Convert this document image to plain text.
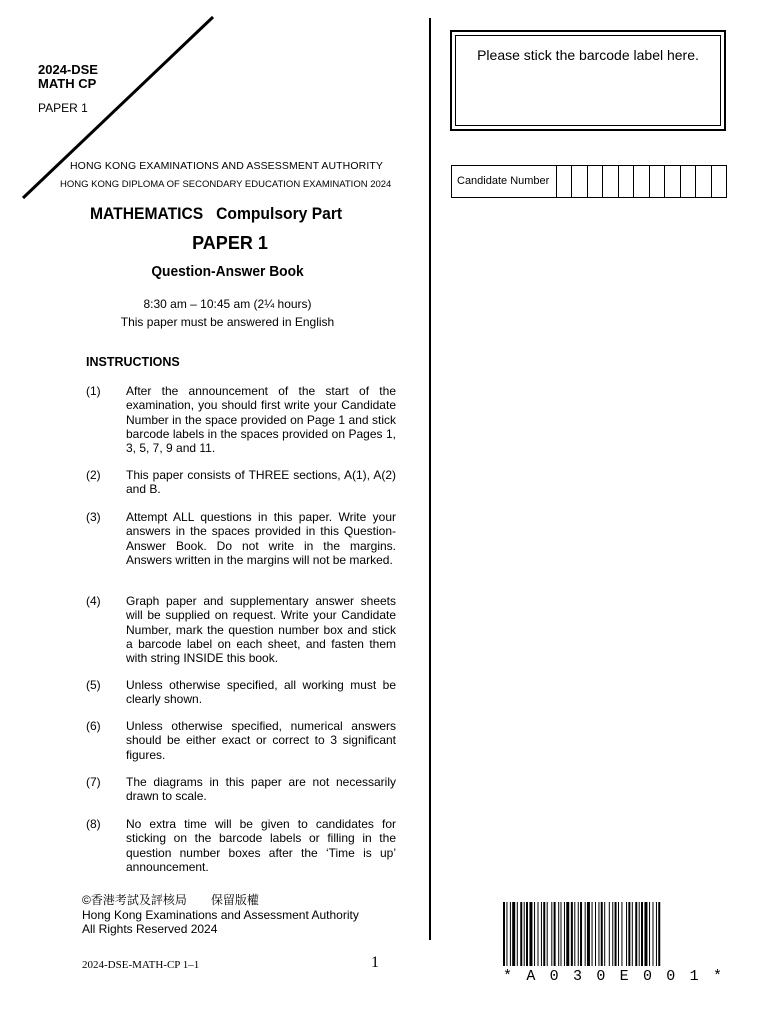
2024-DSE
MATH CP
PAPER 1
HONG KONG EXAMINATIONS AND ASSESSMENT AUTHORITY
HONG KONG DIPLOMA OF SECONDARY EDUCATION EXAMINATION 2024
MATHEMATICS Compulsory Part
PAPER 1
Question-Answer Book
8:30 am – 10:45 am (2¼ hours)
This paper must be answered in English
INSTRUCTIONS
(1) After the announcement of the start of the examination, you should first write your Candidate Number in the space provided on Page 1 and stick barcode labels in the spaces provided on Pages 1, 3, 5, 7, 9 and 11.
(2) This paper consists of THREE sections, A(1), A(2) and B.
(3) Attempt ALL questions in this paper. Write your answers in the spaces provided in this Question-Answer Book. Do not write in the margins. Answers written in the margins will not be marked.
(4) Graph paper and supplementary answer sheets will be supplied on request. Write your Candidate Number, mark the question number box and stick a barcode label on each sheet, and fasten them with string INSIDE this book.
(5) Unless otherwise specified, all working must be clearly shown.
(6) Unless otherwise specified, numerical answers should be either exact or correct to 3 significant figures.
(7) The diagrams in this paper are not necessarily drawn to scale.
(8) No extra time will be given to candidates for sticking on the barcode labels or filling in the question number boxes after the ‘Time is up’ announcement.
©香港考試及評核局　　保留版權
Hong Kong Examinations and Assessment Authority
All Rights Reserved 2024
2024-DSE-MATH-CP 1–1	1
Please stick the barcode label here.
Candidate Number
* A 0 3 0 E 0 0 1 *
